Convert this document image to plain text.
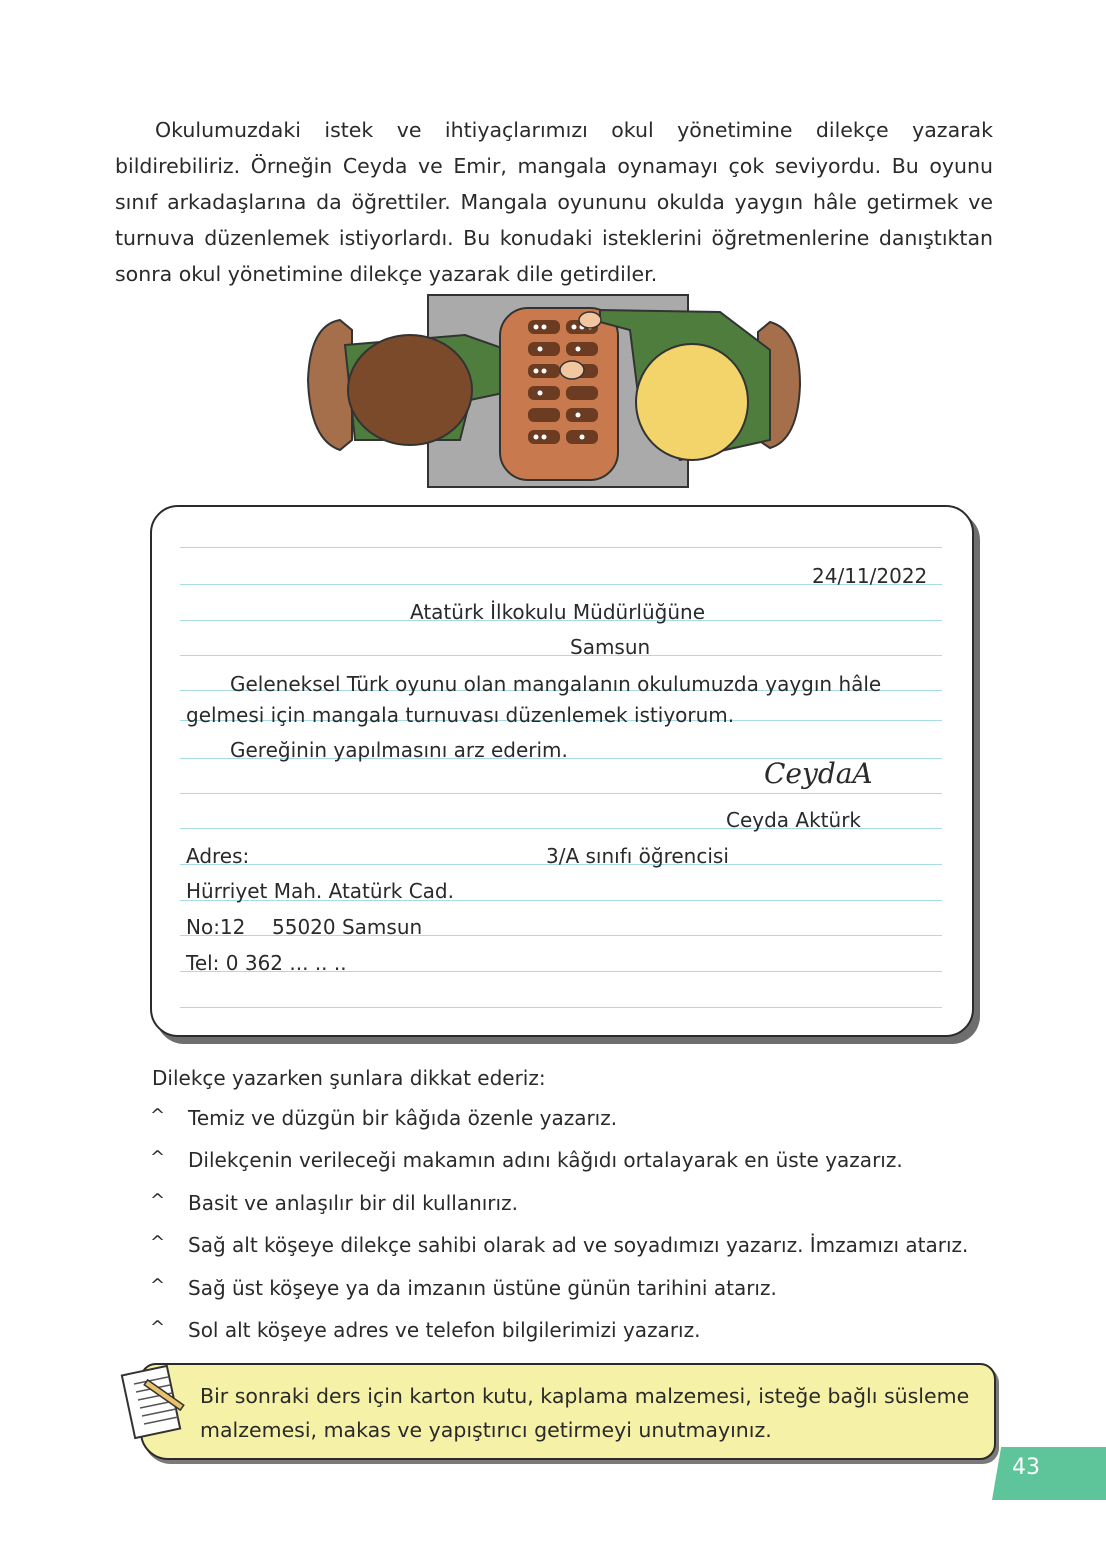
Okulumuzdaki istek ve ihtiyaçlarımızı okul yönetimine dilekçe yazarak bildirebiliriz. Örneğin Ceyda ve Emir, mangala oynamayı çok seviyordu. Bu oyunu sınıf arkadaşlarına da öğrettiler. Mangala oyununu okulda yaygın hâle getirmek ve turnuva düzenlemek istiyorlardı. Bu konudaki isteklerini öğretmenlerine danıştıktan sonra okul yönetimine dilekçe yazarak dile getirdiler.

24/11/2022

Atatürk İlkokulu Müdürlüğüne

Samsun

Geleneksel Türk oyunu olan mangalanın okulumuzda yaygın hâle

gelmesi için mangala turnuvası düzenlemek istiyorum.

Gereğinin yapılmasını arz ederim.

CeydaA

Ceyda Aktürk

Adres:	3/A sınıfı öğrencisi

Hürriyet Mah. Atatürk Cad.

No:12 55020 Samsun

Tel: 0 362 ... .. ..

Dilekçe yazarken şunlara dikkat ederiz:

^ Temiz ve düzgün bir kâğıda özenle yazarız.
^ Dilekçenin verileceği makamın adını kâğıdı ortalayarak en üste yazarız.
^ Basit ve anlaşılır bir dil kullanırız.
^ Sağ alt köşeye dilekçe sahibi olarak ad ve soyadımızı yazarız. İmzamızı atarız.
^ Sağ üst köşeye ya da imzanın üstüne günün tarihini atarız.
^ Sol alt köşeye adres ve telefon bilgilerimizi yazarız.

Bir sonraki ders için karton kutu, kaplama malzemesi, isteğe bağlı süsleme malzemesi, makas ve yapıştırıcı getirmeyi unutmayınız.

43
